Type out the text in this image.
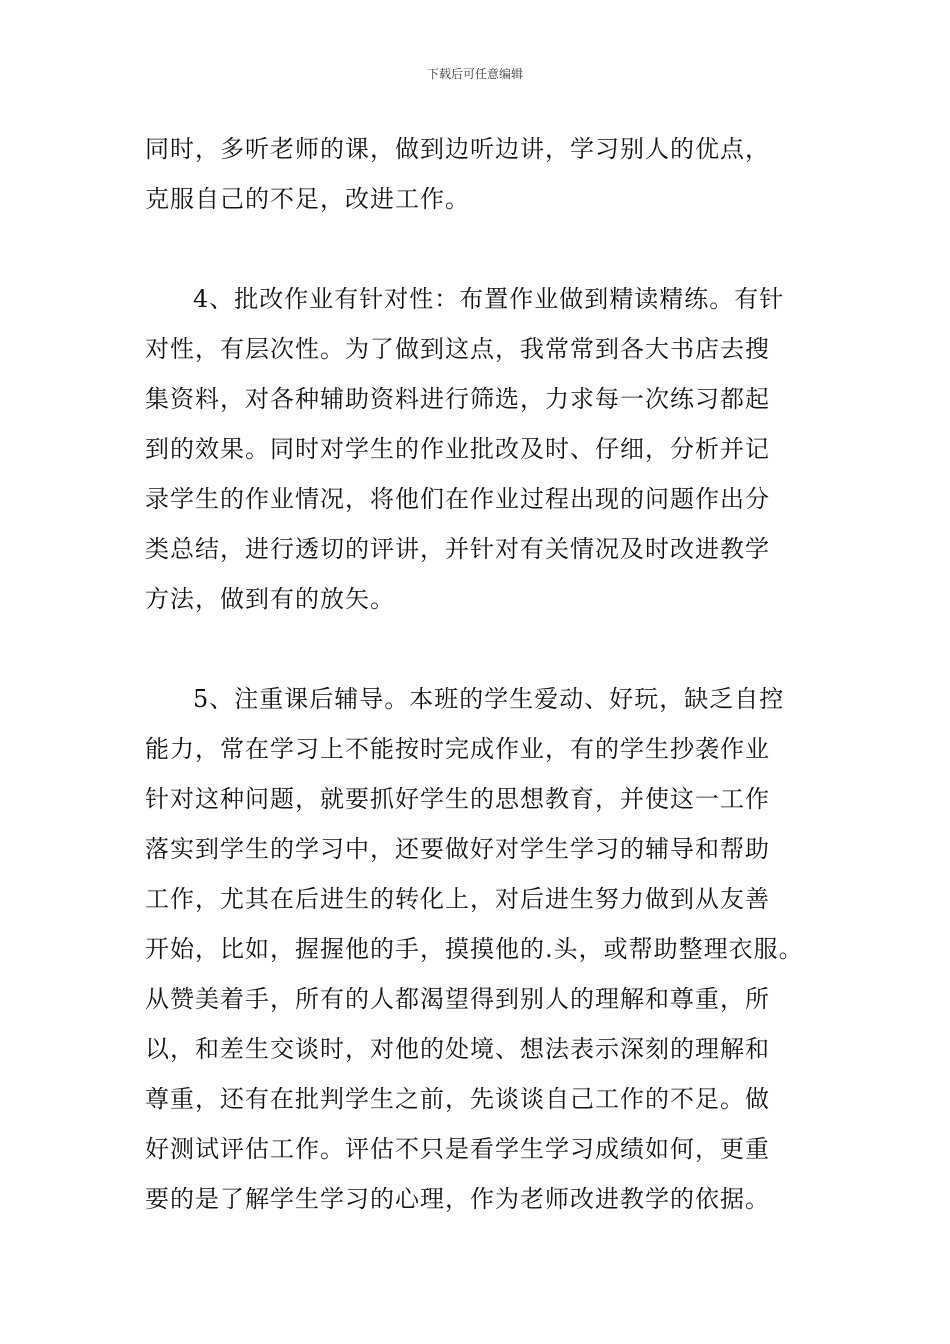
下载后可任意编辑
同时，多听老师的课，做到边听边讲，学习别人的优点，
克服自己的不足，改进工作。
4、批改作业有针对性：布置作业做到精读精练。有针
对性，有层次性。为了做到这点，我常常到各大书店去搜
集资料，对各种辅助资料进行筛选，力求每一次练习都起
到的效果。同时对学生的作业批改及时、仔细，分析并记
录学生的作业情况，将他们在作业过程出现的问题作出分
类总结，进行透切的评讲，并针对有关情况及时改进教学
方法，做到有的放矢。
5、注重课后辅导。本班的学生爱动、好玩，缺乏自控
能力，常在学习上不能按时完成作业，有的学生抄袭作业
针对这种问题，就要抓好学生的思想教育，并使这一工作
落实到学生的学习中，还要做好对学生学习的辅导和帮助
工作，尤其在后进生的转化上，对后进生努力做到从友善
开始，比如，握握他的手，摸摸他的.头，或帮助整理衣服。
从赞美着手，所有的人都渴望得到别人的理解和尊重，所
以，和差生交谈时，对他的处境、想法表示深刻的理解和
尊重，还有在批判学生之前，先谈谈自己工作的不足。做
好测试评估工作。评估不只是看学生学习成绩如何，更重
要的是了解学生学习的心理，作为老师改进教学的依据。
